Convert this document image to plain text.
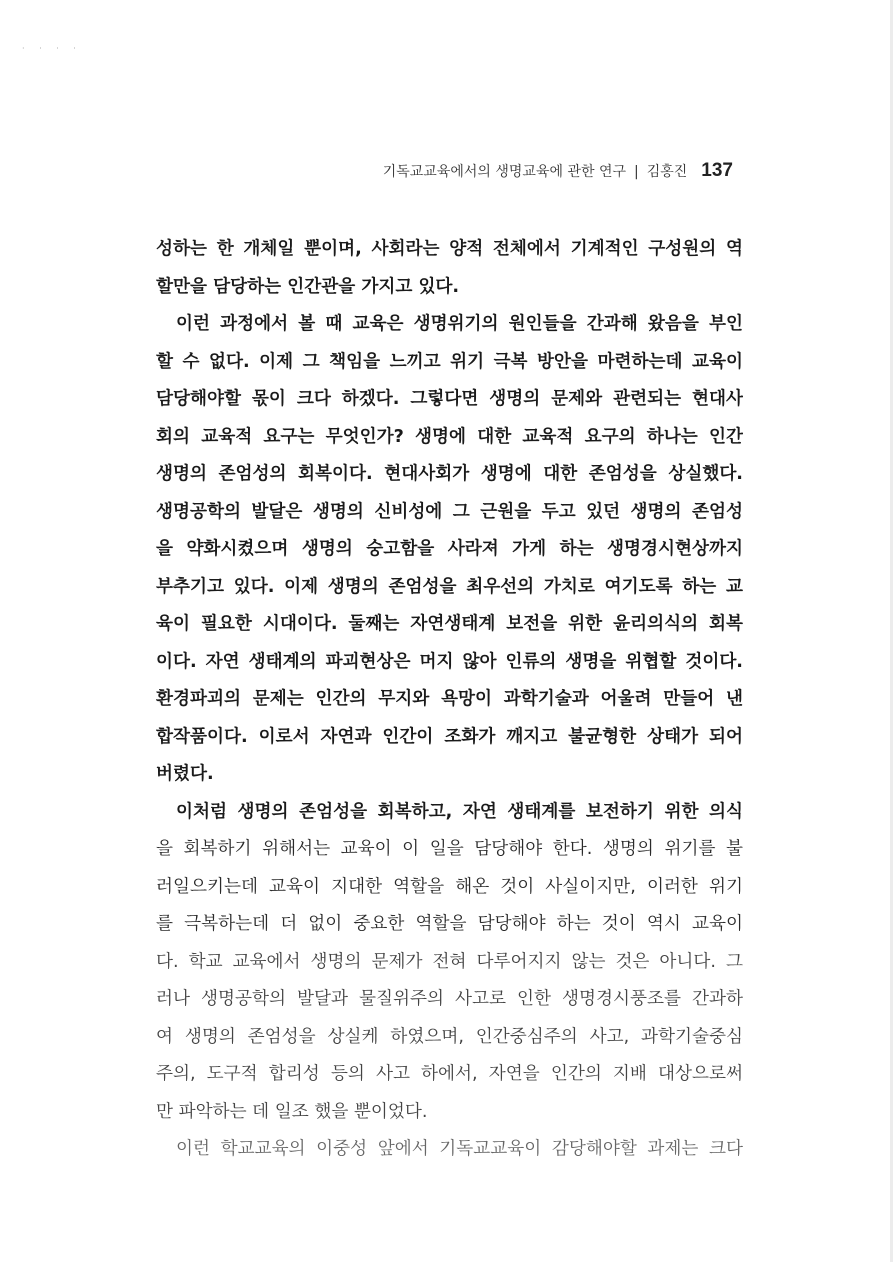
· · · ·
기독교교육에서의 생명교육에 관한 연구 | 김홍진 137
성하는 한 개체일 뿐이며, 사회라는 양적 전체에서 기계적인 구성원의 역
할만을 담당하는 인간관을 가지고 있다.
이런 과정에서 볼 때 교육은 생명위기의 원인들을 간과해 왔음을 부인
할 수 없다. 이제 그 책임을 느끼고 위기 극복 방안을 마련하는데 교육이
담당해야할 몫이 크다 하겠다. 그렇다면 생명의 문제와 관련되는 현대사
회의 교육적 요구는 무엇인가? 생명에 대한 교육적 요구의 하나는 인간
생명의 존엄성의 회복이다. 현대사회가 생명에 대한 존엄성을 상실했다.
생명공학의 발달은 생명의 신비성에 그 근원을 두고 있던 생명의 존엄성
을 약화시켰으며 생명의 숭고함을 사라져 가게 하는 생명경시현상까지
부추기고 있다. 이제 생명의 존엄성을 최우선의 가치로 여기도록 하는 교
육이 필요한 시대이다. 둘째는 자연생태계 보전을 위한 윤리의식의 회복
이다. 자연 생태계의 파괴현상은 머지 않아 인류의 생명을 위협할 것이다.
환경파괴의 문제는 인간의 무지와 욕망이 과학기술과 어울려 만들어 낸
합작품이다. 이로서 자연과 인간이 조화가 깨지고 불균형한 상태가 되어
버렸다.
이처럼 생명의 존엄성을 회복하고, 자연 생태계를 보전하기 위한 의식
을 회복하기 위해서는 교육이 이 일을 담당해야 한다. 생명의 위기를 불
러일으키는데 교육이 지대한 역할을 해온 것이 사실이지만, 이러한 위기
를 극복하는데 더 없이 중요한 역할을 담당해야 하는 것이 역시 교육이
다. 학교 교육에서 생명의 문제가 전혀 다루어지지 않는 것은 아니다. 그
러나 생명공학의 발달과 물질위주의 사고로 인한 생명경시풍조를 간과하
여 생명의 존엄성을 상실케 하였으며, 인간중심주의 사고, 과학기술중심
주의, 도구적 합리성 등의 사고 하에서, 자연을 인간의 지배 대상으로써
만 파악하는 데 일조 했을 뿐이었다.
이런 학교교육의 이중성 앞에서 기독교교육이 감당해야할 과제는 크다
